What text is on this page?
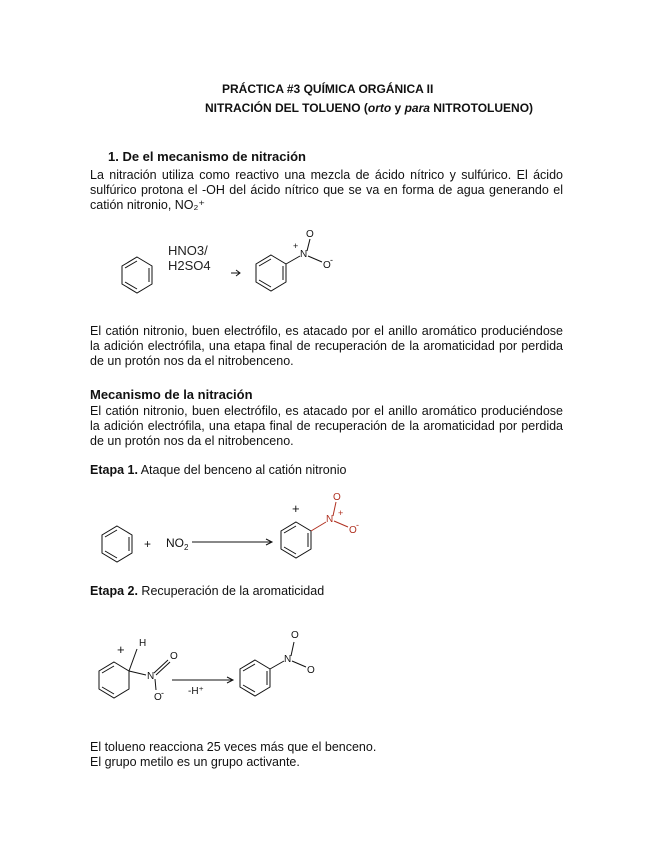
PRÁCTICA #3 QUÍMICA ORGÁNICA II
NITRACIÓN DEL TOLUENO (orto y para NITROTOLUENO)
1. De el mecanismo de nitración
La nitración utiliza como reactivo una mezcla de ácido nítrico y sulfúrico. El ácido sulfúrico protona el -OH del ácido nítrico que se va en forma de agua generando el catión nitronio, NO₂⁺
HNO3/
H2SO4
O
+
N
O -
El catión nitronio, buen electrófilo, es atacado por el anillo aromático produciéndose la adición electrófila, una etapa final de recuperación de la aromaticidad por perdida de un protón nos da el nitrobenceno.
Mecanismo de la nitración
El catión nitronio, buen electrófilo, es atacado por el anillo aromático produciéndose la adición electrófila, una etapa final de recuperación de la aromaticidad por perdida de un protón nos da el nitrobenceno.
Etapa 1. Ataque del benceno al catión nitronio
+ $NO_2$
+
O
N
+
O -
Etapa 2. Recuperación de la aromaticidad
+ H
N
O
O - -H⁺
O
N
O
El tolueno reacciona 25 veces más que el benceno.
El grupo metilo es un grupo activante.
